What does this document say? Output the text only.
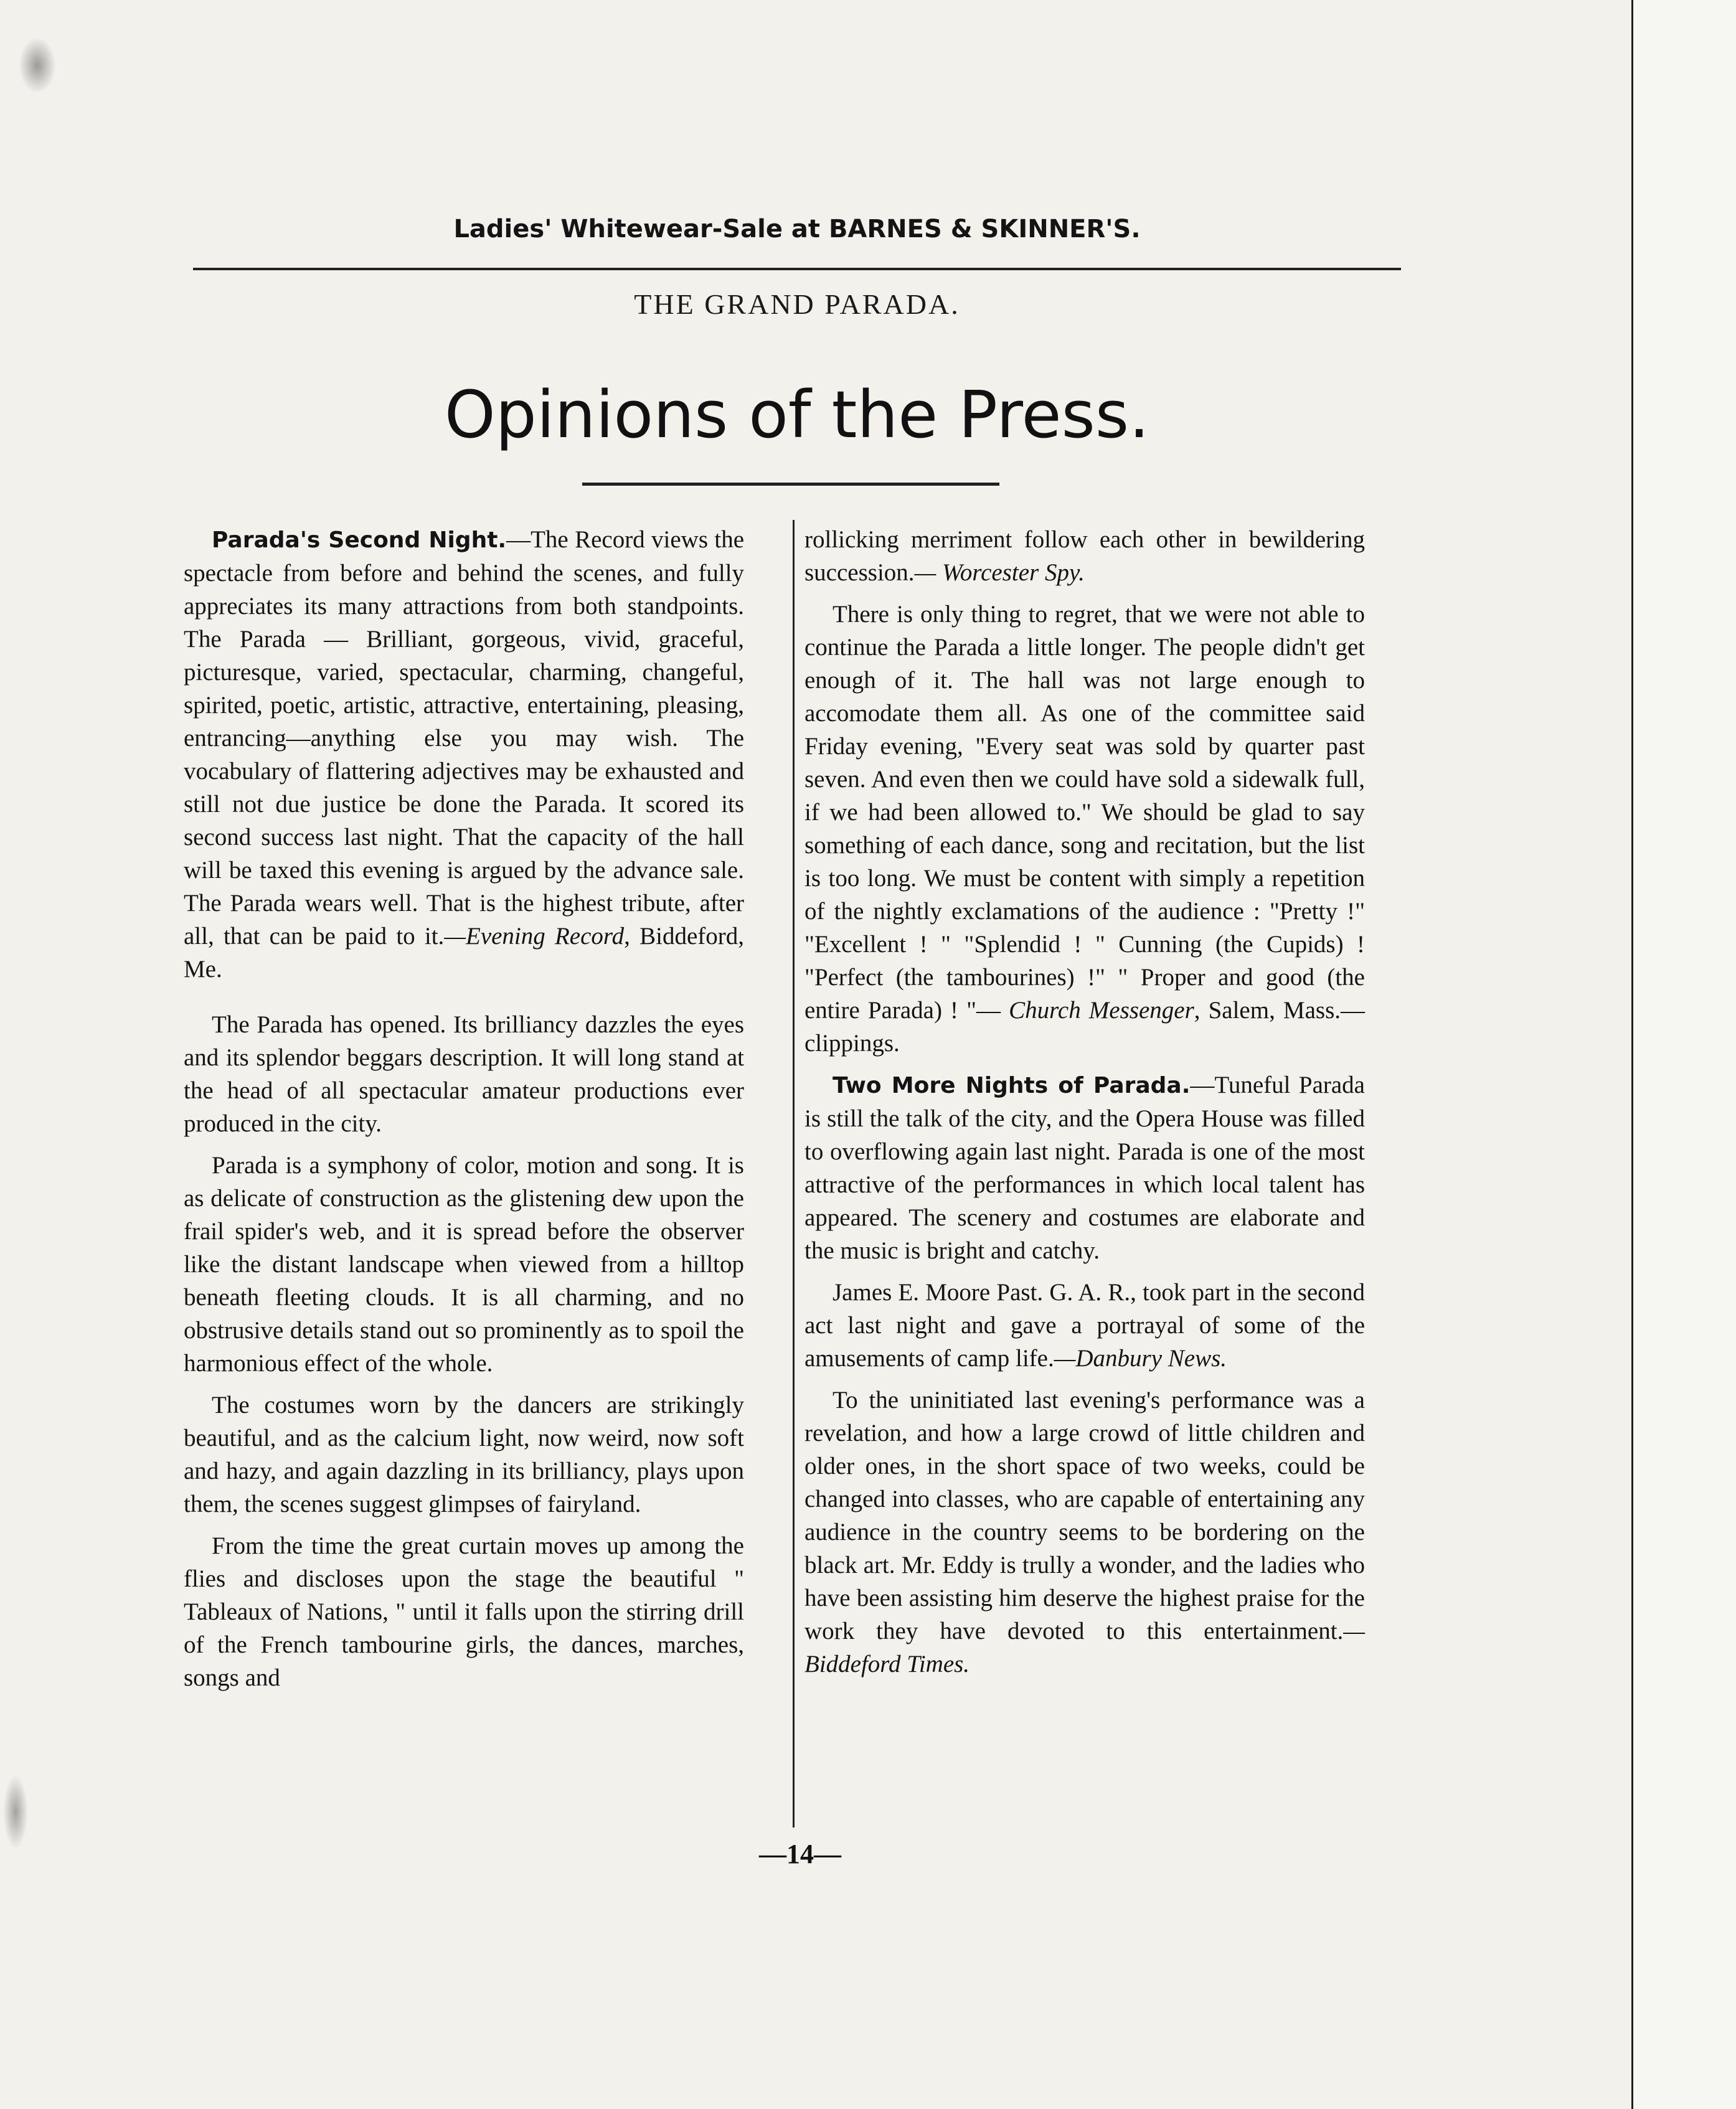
Ladies' Whitewear-Sale at BARNES & SKINNER'S.
THE GRAND PARADA.
Opinions of the Press.

Parada's Second Night.—The Record views the spectacle from before and behind the scenes, and fully appreciates its many attractions from both standpoints. The Parada — Brilliant, gorgeous, vivid, graceful, picturesque, varied, spectacular, charming, changeful, spirited, poetic, artistic, attractive, entertaining, pleasing, entrancing—anything else you may wish. The vocabulary of flattering adjectives may be exhausted and still not due justice be done the Parada. It scored its second success last night. That the capacity of the hall will be taxed this evening is argued by the advance sale. The Parada wears well. That is the highest tribute, after all, that can be paid to it.—Evening Record, Biddeford, Me.

The Parada has opened. Its brilliancy dazzles the eyes and its splendor beggars description. It will long stand at the head of all spectacular amateur productions ever produced in the city.

Parada is a symphony of color, motion and song. It is as delicate of construction as the glistening dew upon the frail spider's web, and it is spread before the observer like the distant landscape when viewed from a hilltop beneath fleeting clouds. It is all charming, and no obstrusive details stand out so prominently as to spoil the harmonious effect of the whole.

The costumes worn by the dancers are strikingly beautiful, and as the calcium light, now weird, now soft and hazy, and again dazzling in its brilliancy, plays upon them, the scenes suggest glimpses of fairyland.

From the time the great curtain moves up among the flies and discloses upon the stage the beautiful " Tableaux of Nations, " until it falls upon the stirring drill of the French tambourine girls, the dances, marches, songs and

rollicking merriment follow each other in bewildering succession.— Worcester Spy.

There is only thing to regret, that we were not able to continue the Parada a little longer. The people didn't get enough of it. The hall was not large enough to accomodate them all. As one of the committee said Friday evening, "Every seat was sold by quarter past seven. And even then we could have sold a sidewalk full, if we had been allowed to." We should be glad to say something of each dance, song and recitation, but the list is too long. We must be content with simply a repetition of the nightly exclamations of the audience : "Pretty !" "Excellent ! " "Splendid ! " Cunning (the Cupids) ! "Perfect (the tambourines) !" " Proper and good (the entire Parada) ! "— Church Messenger, Salem, Mass.—clippings.

Two More Nights of Parada.—Tuneful Parada is still the talk of the city, and the Opera House was filled to overflowing again last night. Parada is one of the most attractive of the performances in which local talent has appeared. The scenery and costumes are elaborate and the music is bright and catchy.

James E. Moore Past. G. A. R., took part in the second act last night and gave a portrayal of some of the amusements of camp life.—Danbury News.

To the uninitiated last evening's performance was a revelation, and how a large crowd of little children and older ones, in the short space of two weeks, could be changed into classes, who are capable of entertaining any audience in the country seems to be bordering on the black art. Mr. Eddy is trully a wonder, and the ladies who have been assisting him deserve the highest praise for the work they have devoted to this entertainment.—Biddeford Times.

—14—
